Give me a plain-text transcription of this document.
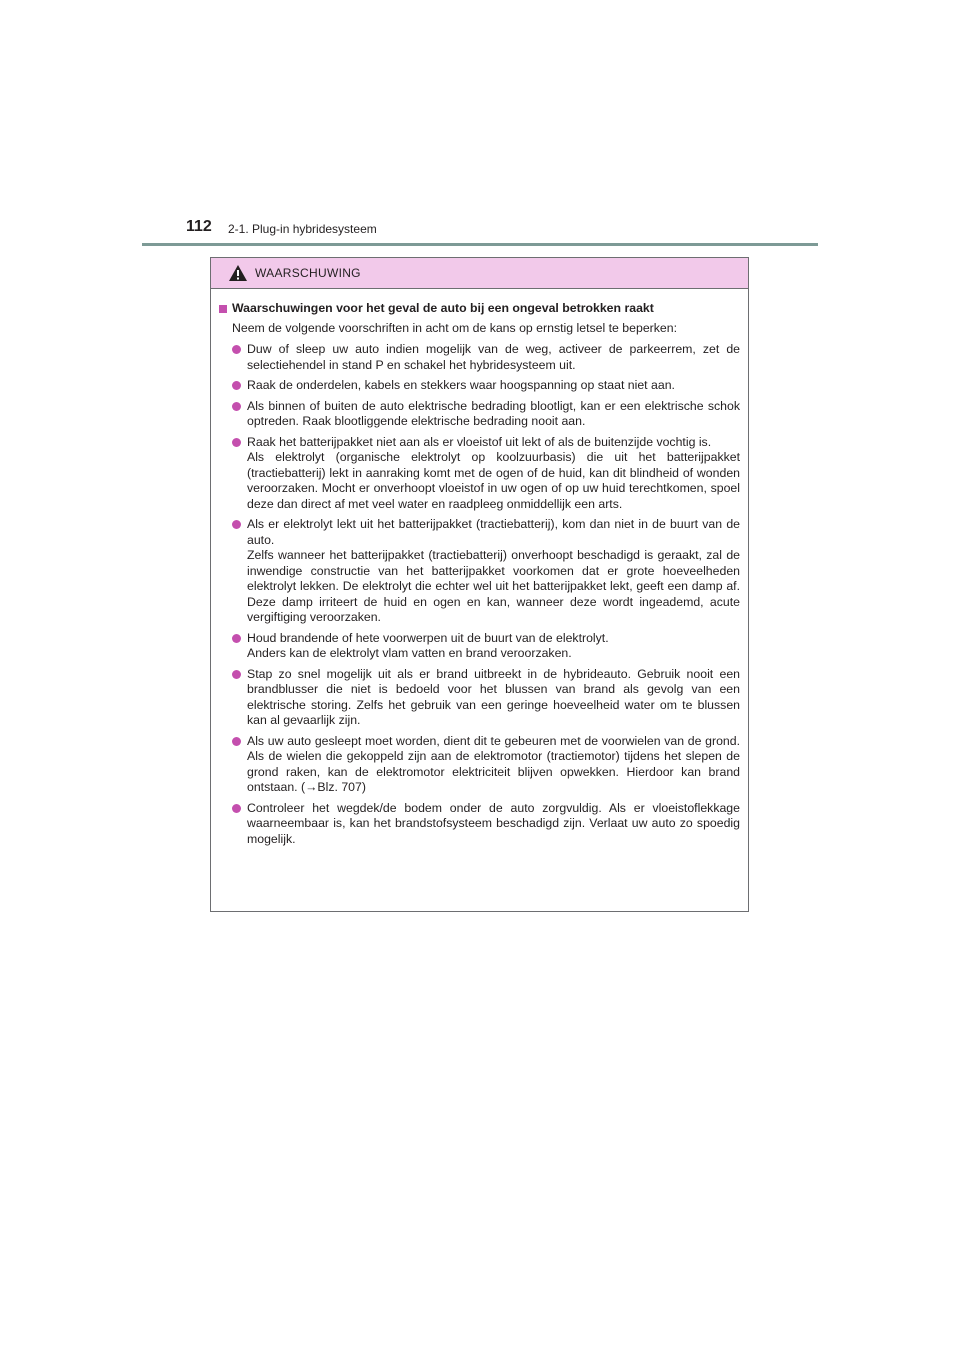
112 2-1. Plug-in hybridesysteem
WAARSCHUWING
Waarschuwingen voor het geval de auto bij een ongeval betrokken raakt
Neem de volgende voorschriften in acht om de kans op ernstig letsel te beperken:
Duw of sleep uw auto indien mogelijk van de weg, activeer de parkeerrem, zet de selectiehendel in stand P en schakel het hybridesysteem uit.
Raak de onderdelen, kabels en stekkers waar hoogspanning op staat niet aan.
Als binnen of buiten de auto elektrische bedrading blootligt, kan er een elektrische schok optreden. Raak blootliggende elektrische bedrading nooit aan.
Raak het batterijpakket niet aan als er vloeistof uit lekt of als de buitenzijde vochtig is.
Als elektrolyt (organische elektrolyt op koolzuurbasis) die uit het batterijpakket (tractiebatterij) lekt in aanraking komt met de ogen of de huid, kan dit blindheid of wonden veroorzaken. Mocht er onverhoopt vloeistof in uw ogen of op uw huid terechtkomen, spoel deze dan direct af met veel water en raadpleeg onmiddellijk een arts.
Als er elektrolyt lekt uit het batterijpakket (tractiebatterij), kom dan niet in de buurt van de auto.
Zelfs wanneer het batterijpakket (tractiebatterij) onverhoopt beschadigd is geraakt, zal de inwendige constructie van het batterijpakket voorkomen dat er grote hoeveelheden elektrolyt lekken. De elektrolyt die echter wel uit het batterijpakket lekt, geeft een damp af. Deze damp irriteert de huid en ogen en kan, wanneer deze wordt ingeademd, acute vergiftiging veroorzaken.
Houd brandende of hete voorwerpen uit de buurt van de elektrolyt.
Anders kan de elektrolyt vlam vatten en brand veroorzaken.
Stap zo snel mogelijk uit als er brand uitbreekt in de hybrideauto. Gebruik nooit een brandblusser die niet is bedoeld voor het blussen van brand als gevolg van een elektrische storing. Zelfs het gebruik van een geringe hoeveelheid water om te blussen kan al gevaarlijk zijn.
Als uw auto gesleept moet worden, dient dit te gebeuren met de voorwielen van de grond. Als de wielen die gekoppeld zijn aan de elektromotor (tractiemotor) tijdens het slepen de grond raken, kan de elektromotor elektriciteit blijven opwekken. Hierdoor kan brand ontstaan. (→Blz. 707)
Controleer het wegdek/de bodem onder de auto zorgvuldig. Als er vloeistoflekkage waarneembaar is, kan het brandstofsysteem beschadigd zijn. Verlaat uw auto zo spoedig mogelijk.
